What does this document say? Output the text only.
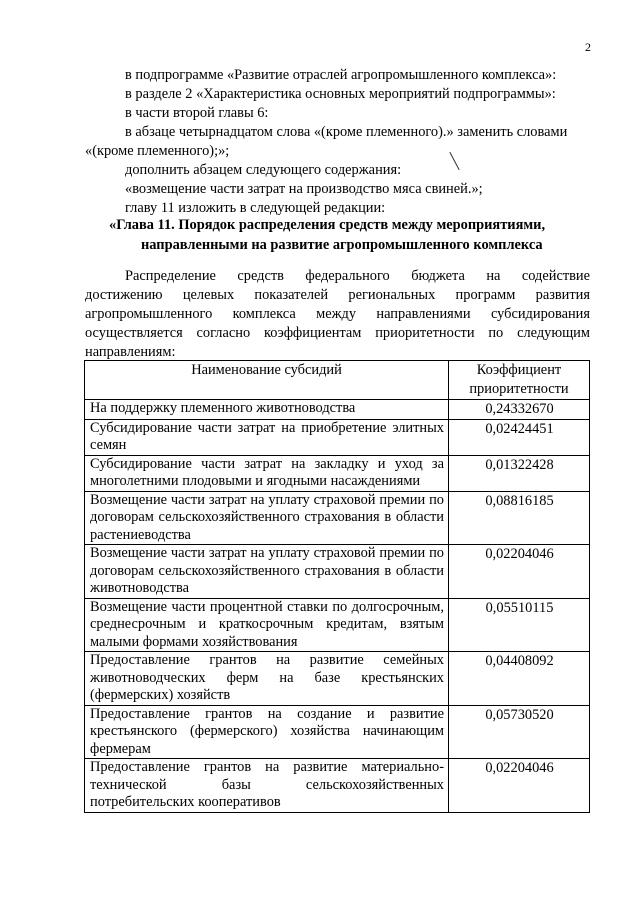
2
в подпрограмме «Развитие отраслей агропромышленного комплекса»:
в разделе 2 «Характеристика основных мероприятий подпрограммы»:
в части второй главы 6:
в абзаце четырнадцатом слова «(кроме племенного).» заменить словами
«(кроме племенного);»;
дополнить абзацем следующего содержания:
«возмещение части затрат на производство мяса свиней.»;
главу 11 изложить в следующей редакции:
«Глава 11. Порядок распределения средств между мероприятиями,
направленными на развитие агропромышленного комплекса
Распределение средств федерального бюджета на содействие
достижению целевых показателей региональных программ развития
агропромышленного комплекса между направлениями субсидирования
осуществляется согласно коэффициентам приоритетности по следующим
направлениям:
Наименование субсидий	Коэффициент приоритетности
На поддержку племенного животноводства	0,24332670
Субсидирование части затрат на приобретение элитных семян	0,02424451
Субсидирование части затрат на закладку и уход за многолетними плодовыми и ягодными насаждениями	0,01322428
Возмещение части затрат на уплату страховой премии по договорам сельскохозяйственного страхования в области растениеводства	0,08816185
Возмещение части затрат на уплату страховой премии по договорам сельскохозяйственного страхования в области животноводства	0,02204046
Возмещение части процентной ставки по долгосрочным, среднесрочным и краткосрочным кредитам, взятым малыми формами хозяйствования	0,05510115
Предоставление грантов на развитие семейных животноводческих ферм на базе крестьянских (фермерских) хозяйств	0,04408092
Предоставление грантов на создание и развитие крестьянского (фермерского) хозяйства начинающим фермерам	0,05730520
Предоставление грантов на развитие материально-технической базы сельскохозяйственных потребительских кооперативов	0,02204046
